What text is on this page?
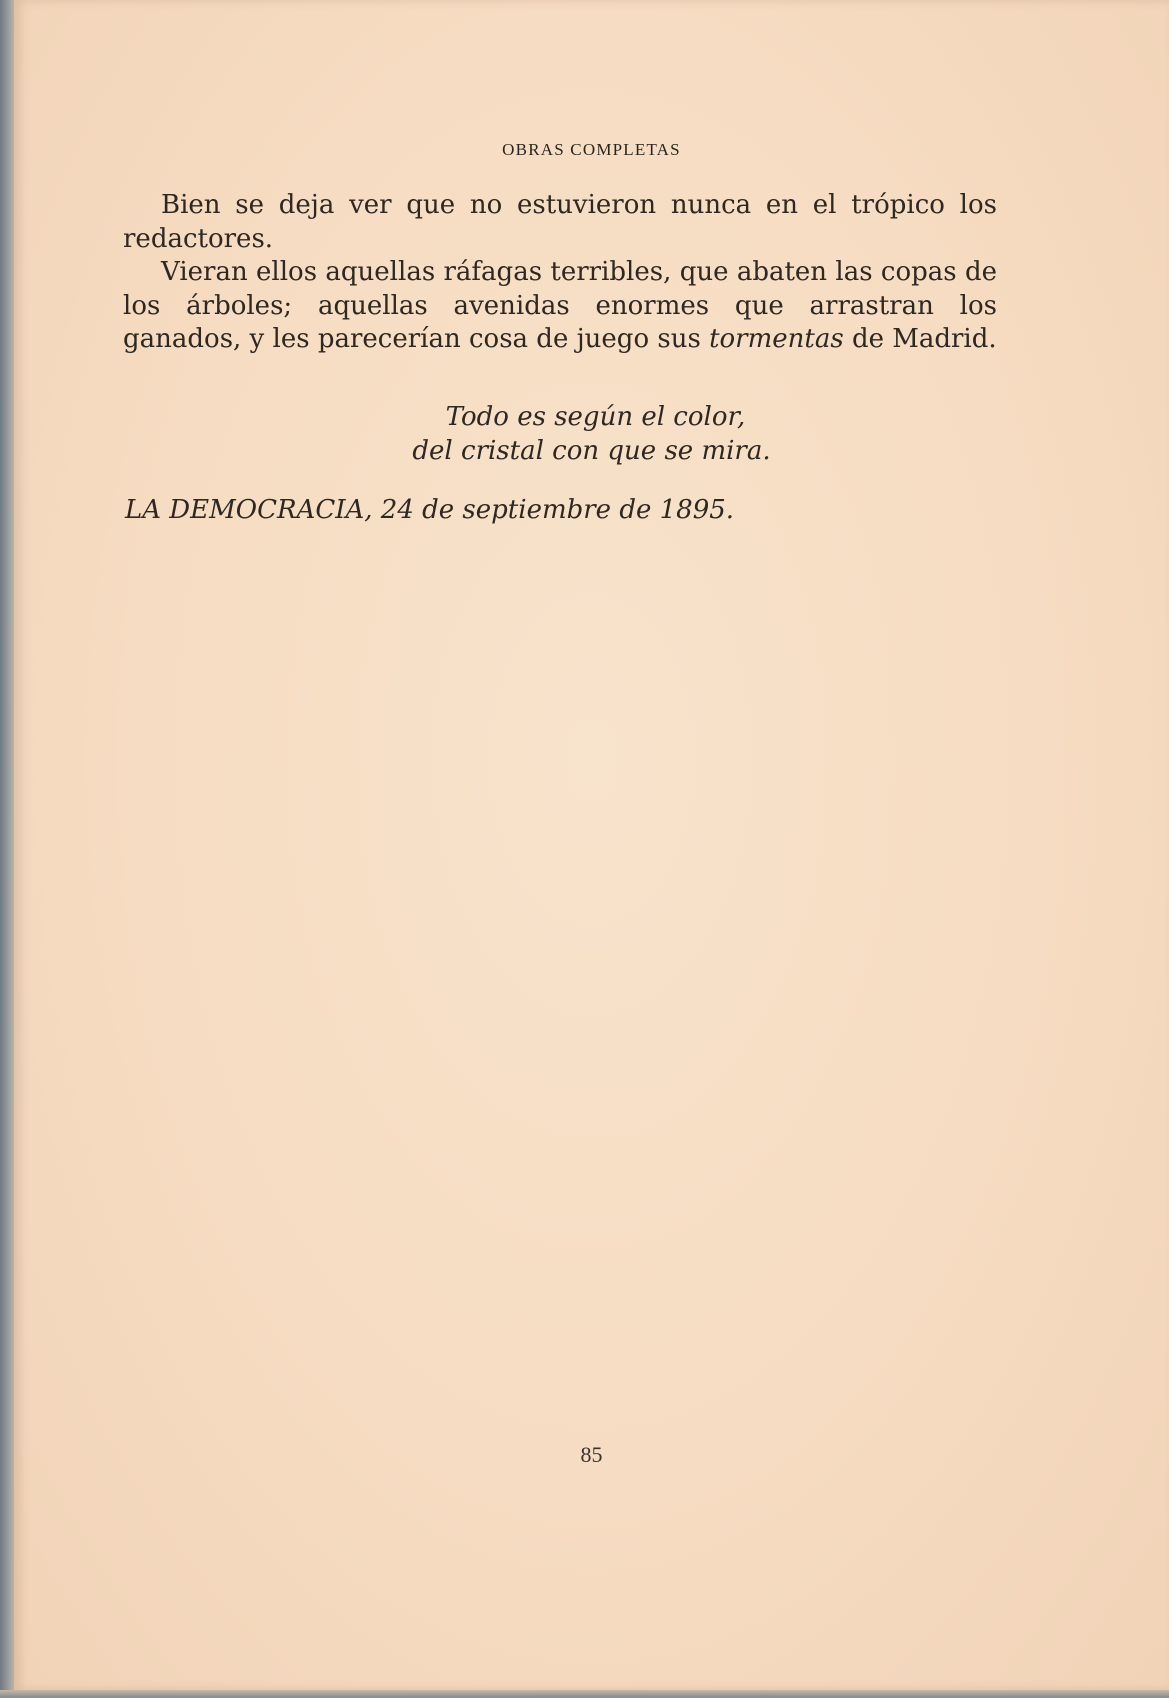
OBRAS COMPLETAS

Bien se deja ver que no estuvieron nunca en el trópico los redactores.

Vieran ellos aquellas ráfagas terribles, que abaten las copas de los árboles; aquellas avenidas enormes que arrastran los ganados, y les parecerían cosa de juego sus tormentas de Madrid.

Todo es según el color,
del cristal con que se mira.
LA DEMOCRACIA, 24 de septiembre de 1895.
85
